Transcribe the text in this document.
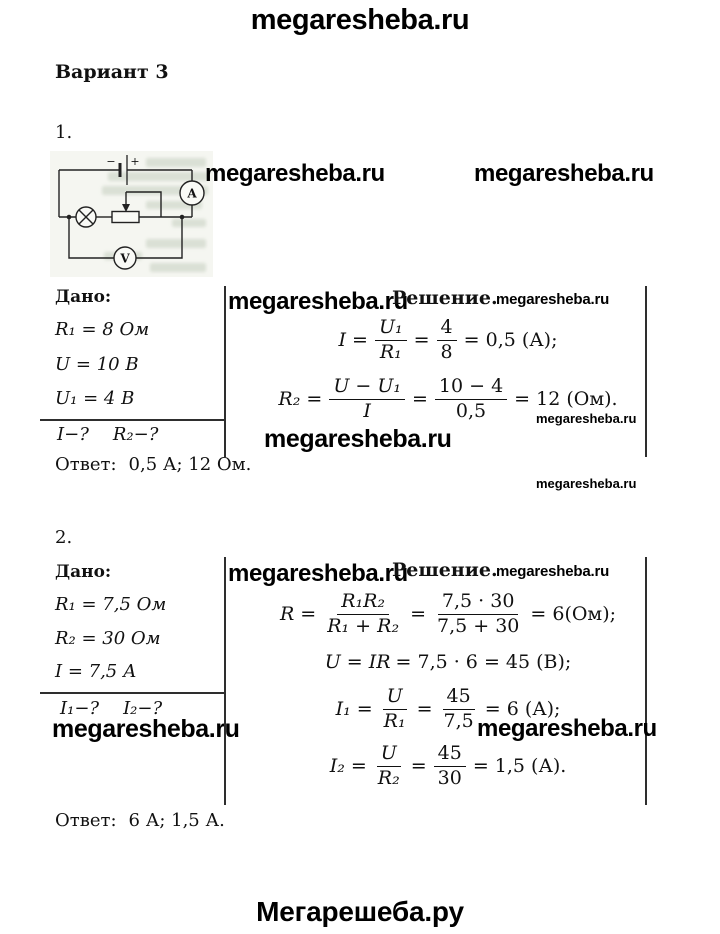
megaresheba.ru
Вариант 3
1.
A
V
− +	megaresheba.ru	megaresheba.ru
Дано:
R₁ = 8 Ом
U = 10 В
U₁ = 4 В
I−? R₂−?
Ответ: 0,5 А; 12 Ом.
megaresheba.ru
Решение.
megaresheba.ru
$I = \frac{\text{U₁}}{\text{R₁}} = \frac{4}{8} = 0,5$ (А);
$R_2 = \frac{\text{U − U₁}}{I} = \frac{10 - 4}{0,5} = 12$ (Ом).
megaresheba.ru
megaresheba.ru
megaresheba.ru
2.
Дано:
R₁ = 7,5 Ом
R₂ = 30 Ом
I = 7,5 А
I₁−? I₂−?
megaresheba.ru
Ответ: 6 А; 1,5 А.
megaresheba.ru
Решение.
megaresheba.ru
$R = \frac{\text{R₁R₂}}{\text{R₁ + R₂}} = \frac{7,5 \cdot 30}{7,5 + 30} = 6(Ом)$;
U = IR = 7,5 · 6 = 45 (В);
$I_1 = \frac{U}{\text{R₁}} = \frac{45}{7,5} = 6$ (А);
megaresheba.ru
$I_2 = \frac{U}{\text{R₂}} = \frac{45}{30} = 1,5$ (А).
Мегарешеба.ру
